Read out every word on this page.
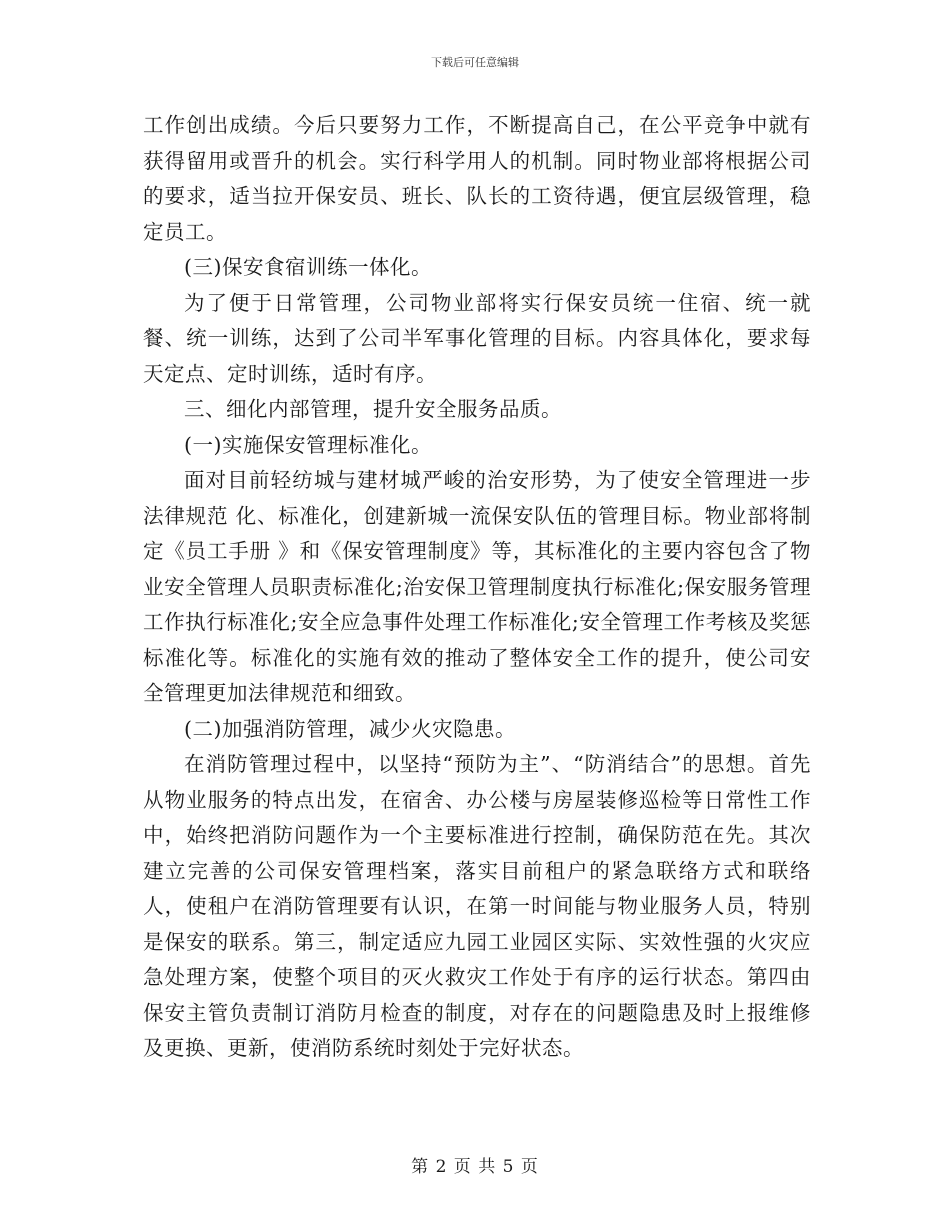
下载后可任意编辑

工作创出成绩。今后只要努力工作，不断提高自己，在公平竞争中就有获得留用或晋升的机会。实行科学用人的机制。同时物业部将根据公司的要求，适当拉开保安员、班长、队长的工资待遇，便宜层级管理，稳定员工。

(三)保安食宿训练一体化。

为了便于日常管理，公司物业部将实行保安员统一住宿、统一就餐、统一训练，达到了公司半军事化管理的目标。内容具体化，要求每天定点、定时训练，适时有序。

三、细化内部管理，提升安全服务品质。

(一)实施保安管理标准化。

面对目前轻纺城与建材城严峻的治安形势，为了使安全管理进一步法律规范 化、标准化，创建新城一流保安队伍的管理目标。物业部将制定《员工手册 》和《保安管理制度》等，其标准化的主要内容包含了物业安全管理人员职责标准化;治安保卫管理制度执行标准化;保安服务管理工作执行标准化;安全应急事件处理工作标准化;安全管理工作考核及奖惩标准化等。标准化的实施有效的推动了整体安全工作的提升，使公司安全管理更加法律规范和细致。

(二)加强消防管理，减少火灾隐患。

在消防管理过程中，以坚持“预防为主”、“防消结合”的思想。首先从物业服务的特点出发，在宿舍、办公楼与房屋装修巡检等日常性工作中，始终把消防问题作为一个主要标准进行控制，确保防范在先。其次建立完善的公司保安管理档案，落实目前租户的紧急联络方式和联络人，使租户在消防管理要有认识，在第一时间能与物业服务人员，特别是保安的联系。第三，制定适应九园工业园区实际、实效性强的火灾应急处理方案，使整个项目的灭火救灾工作处于有序的运行状态。第四由保安主管负责制订消防月检查的制度，对存在的问题隐患及时上报维修及更换、更新，使消防系统时刻处于完好状态。

第 2 页 共 5 页
